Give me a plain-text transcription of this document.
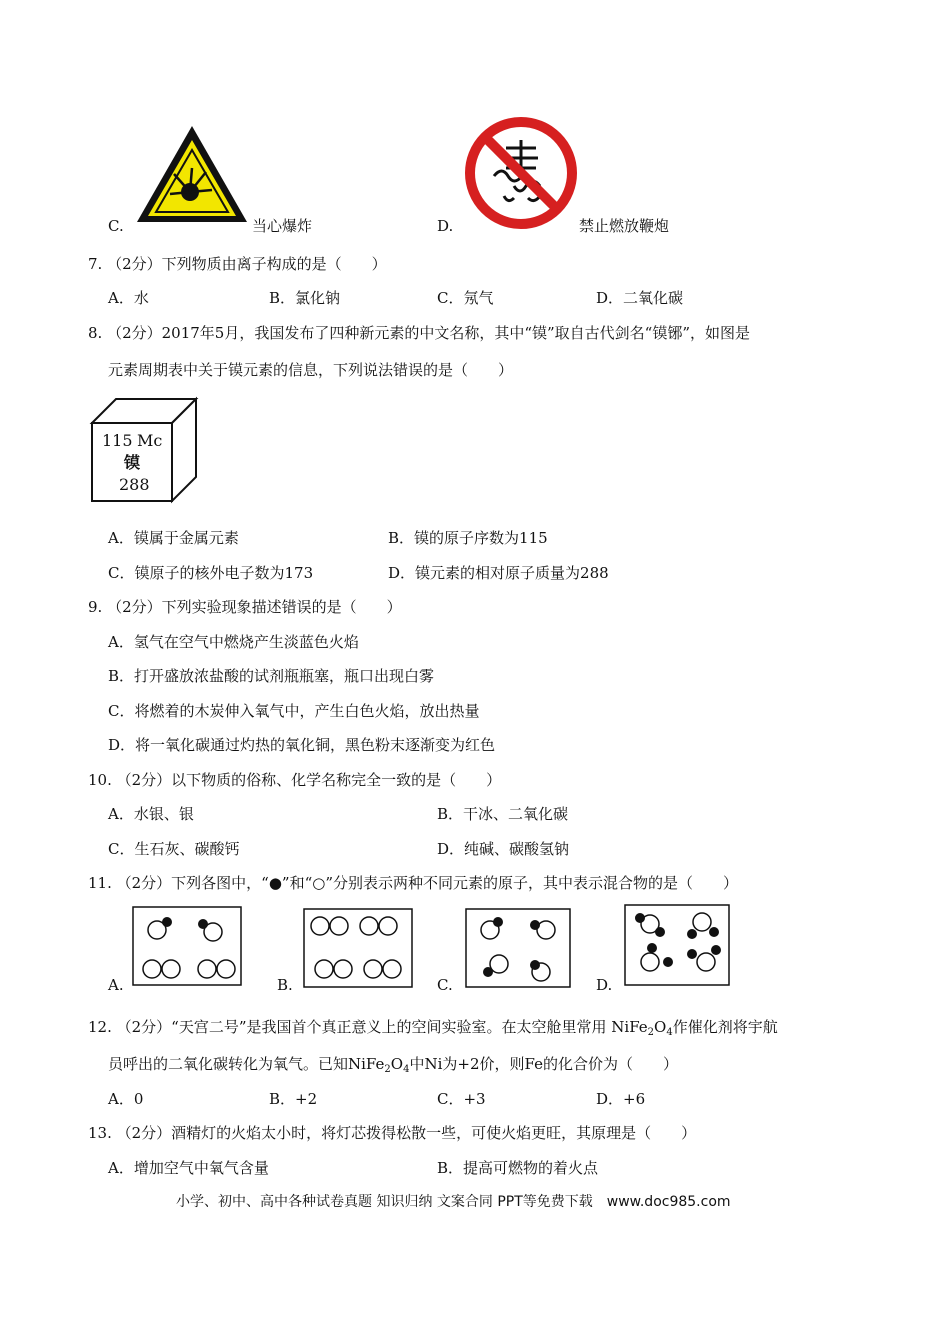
C.	当心爆炸	D.	禁止燃放鞭炮
7. （2分）下列物质由离子构成的是（　　）
A．水	B．氯化钠	C．氖气	D．二氧化碳
8. （2分）2017年5月，我国发布了四种新元素的中文名称，其中“镆”取自古代剑名“镆铘”，如图是
元素周期表中关于镆元素的信息，下列说法错误的是（　　）
115 Mc
镆
288
A．镆属于金属元素	B．镆的原子序数为115
C．镆原子的核外电子数为173	D．镆元素的相对原子质量为288
9. （2分）下列实验现象描述错误的是（　　）
A．氢气在空气中燃烧产生淡蓝色火焰
B．打开盛放浓盐酸的试剂瓶瓶塞，瓶口出现白雾
C．将燃着的木炭伸入氧气中，产生白色火焰，放出热量
D．将一氧化碳通过灼热的氧化铜，黑色粉末逐渐变为红色
10. （2分）以下物质的俗称、化学名称完全一致的是（　　）
A．水银、银	B．干冰、二氧化碳
C．生石灰、碳酸钙	D．纯碱、碳酸氢钠
11. （2分）下列各图中，“●”和“○”分别表示两种不同元素的原子，其中表示混合物的是（　　）
A.	B.	C.	D.
12. （2分）“天宫二号”是我国首个真正意义上的空间实验室。在太空舱里常用 $NiFe_2O_4$作催化剂将宇航
员呼出的二氧化碳转化为氧气。已知$NiFe_2O_4$中Ni为+2价，则Fe的化合价为（　　）
A．0	B．+2	C．+3	D．+6
13. （2分）酒精灯的火焰太小时，将灯芯拨得松散一些，可使火焰更旺，其原理是（　　）
A．增加空气中氧气含量	B．提高可燃物的着火点
小学、初中、高中各种试卷真题 知识归纳 文案合同 PPT等免费下载　www.doc985.com
